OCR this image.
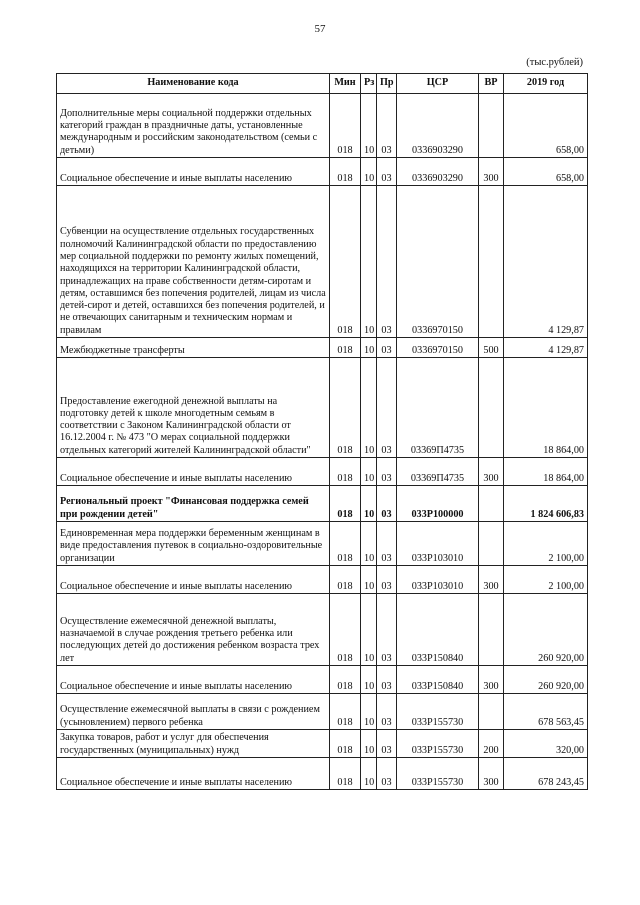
57
(тыс.рублей)
Наименование кода	Мин	Рз	Пр	ЦСР	ВР	2019 год
Дополнительные меры социальной поддержки отдельных категорий граждан в праздничные даты, установленные международным и российским законодательством (семьи с детьми)	018	10	03	0336903290		658,00
Социальное обеспечение и иные выплаты населению	018	10	03	0336903290	300	658,00
Субвенции на осуществление отдельных государственных полномочий Калининградской области по предоставлению мер социальной поддержки по ремонту жилых помещений, находящихся на территории Калининградской области, принадлежащих на праве собственности детям-сиротам и детям, оставшимся без попечения родителей, лицам из числа детей-сирот и детей, оставшихся без попечения родителей, и не отвечающих санитарным и техническим нормам и правилам	018	10	03	0336970150		4 129,87
Межбюджетные трансферты	018	10	03	0336970150	500	4 129,87
Предоставление ежегодной денежной выплаты на подготовку детей к школе многодетным семьям в соответствии с Законом Калининградской области от 16.12.2004 г. № 473 "О мерах социальной поддержки отдельных категорий жителей Калининградской области"	018	10	03	03369П4735		18 864,00
Социальное обеспечение и иные выплаты населению	018	10	03	03369П4735	300	18 864,00
Региональный проект "Финансовая поддержка семей при рождении детей"	018	10	03	033P100000		1 824 606,83
Единовременная мера поддержки беременным женщинам в виде предоставления путевок в социально-оздоровительные организации	018	10	03	033P103010		2 100,00
Социальное обеспечение и иные выплаты населению	018	10	03	033P103010	300	2 100,00
Осуществление ежемесячной денежной выплаты, назначаемой в случае рождения третьего ребенка или последующих детей до достижения ребенком возраста трех лет	018	10	03	033P150840		260 920,00
Социальное обеспечение и иные выплаты населению	018	10	03	033P150840	300	260 920,00
Осуществление ежемесячной выплаты в связи с рождением (усыновлением) первого ребенка	018	10	03	033P155730		678 563,45
Закупка товаров, работ и услуг для обеспечения государственных (муниципальных) нужд	018	10	03	033P155730	200	320,00
Социальное обеспечение и иные выплаты населению	018	10	03	033P155730	300	678 243,45
